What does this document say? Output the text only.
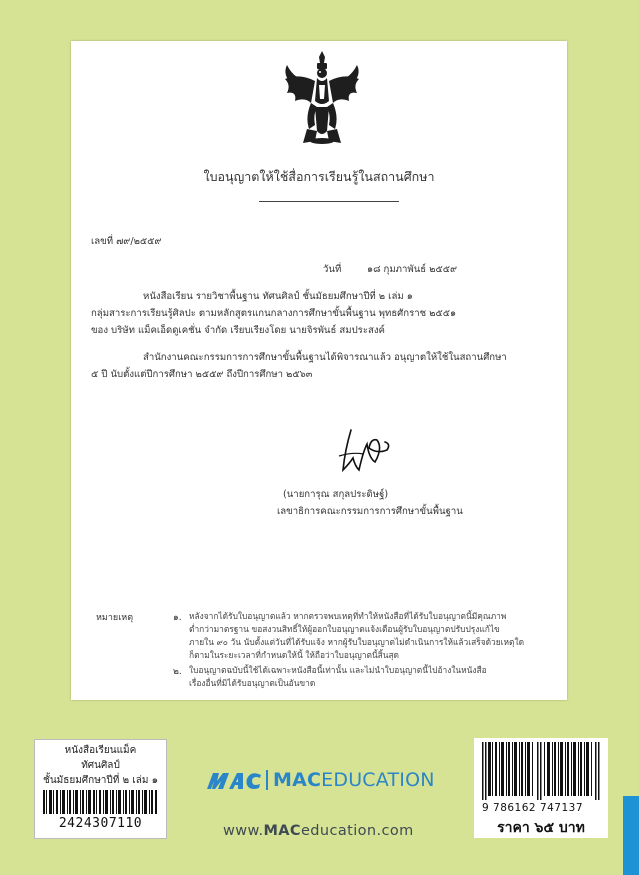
ใบอนุญาตให้ใช้สื่อการเรียนรู้ในสถานศึกษา
เลขที่ ๗๙/๒๕๕๙
วันที่	๑๘ กุมภาพันธ์ ๒๕๕๙
หนังสือเรียน รายวิชาพื้นฐาน ทัศนศิลป์ ชั้นมัธยมศึกษาปีที่ ๒ เล่ม ๑
กลุ่มสาระการเรียนรู้ศิลปะ ตามหลักสูตรแกนกลางการศึกษาขั้นพื้นฐาน พุทธศักราช ๒๕๕๑
ของ บริษัท แม็คเอ็ดดูเคชั่น จำกัด เรียบเรียงโดย นายจิรพันธ์ สมประสงค์
สำนักงานคณะกรรมการการศึกษาขั้นพื้นฐานได้พิจารณาแล้ว อนุญาตให้ใช้ในสถานศึกษา
๕ ปี นับตั้งแต่ปีการศึกษา ๒๕๕๙ ถึงปีการศึกษา ๒๕๖๓
(นายการุณ สกุลประดิษฐ์)
เลขาธิการคณะกรรมการการศึกษาขั้นพื้นฐาน
หมายเหตุ	๑. หลังจากได้รับใบอนุญาตแล้ว หากตรวจพบเหตุที่ทำให้หนังสือที่ได้รับใบอนุญาตนี้มีคุณภาพ
ต่ำกว่ามาตรฐาน ขอสงวนสิทธิ์ให้ผู้ออกใบอนุญาตแจ้งเตือนผู้รับใบอนุญาตปรับปรุงแก้ไข
ภายใน ๙๐ วัน นับตั้งแต่วันที่ได้รับแจ้ง หากผู้รับใบอนุญาตไม่ดำเนินการให้แล้วเสร็จด้วยเหตุใด
ก็ตามในระยะเวลาที่กำหนดให้นี้ ให้ถือว่าใบอนุญาตนี้สิ้นสุด
๒. ใบอนุญาตฉบับนี้ใช้ได้เฉพาะหนังสือนี้เท่านั้น และไม่นำใบอนุญาตนี้ไปอ้างในหนังสือ
เรื่องอื่นที่มิได้รับอนุญาตเป็นอันขาด
หนังสือเรียนแม็ค
ทัศนศิลป์
ชั้นมัธยมศึกษาปีที่ ๒ เล่ม ๑
2424307110
MACEDUCATION
www.MACeducation.com
9 786162 747137
ราคา ๖๕ บาท
